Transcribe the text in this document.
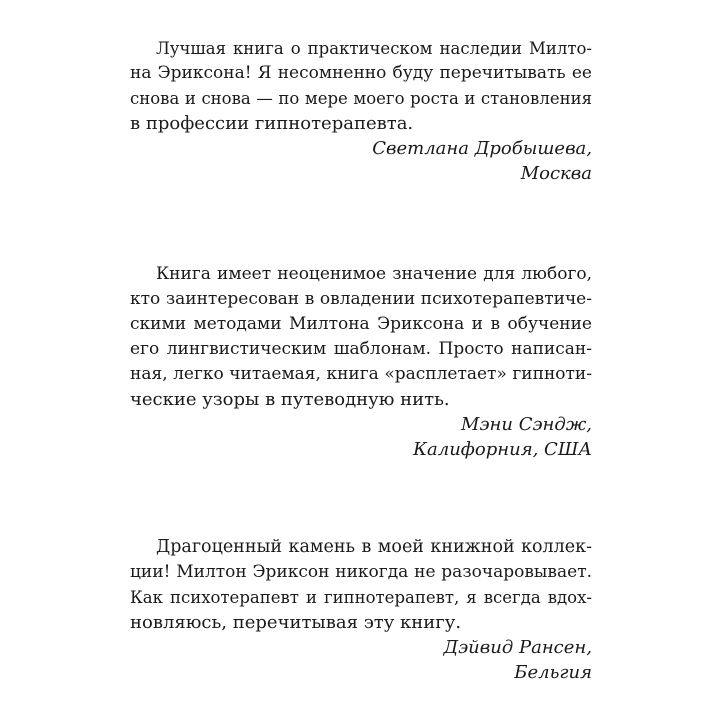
Лучшая книга о практическом наследии Милто-
на Эриксона! Я несомненно буду перечитывать ее
снова и снова — по мере моего роста и становления
в профессии гипнотерапевта.
Светлана Дробышева,
Москва
Книга имеет неоценимое значение для любого,
кто заинтересован в овладении психотерапевтиче-
скими методами Милтона Эриксона и в обучение
его лингвистическим шаблонам. Просто написан-
ная, легко читаемая, книга «расплетает» гипноти-
ческие узоры в путеводную нить.
Мэни Сэндж,
Калифорния, США
Драгоценный камень в моей книжной коллек-
ции! Милтон Эриксон никогда не разочаровывает.
Как психотерапевт и гипнотерапевт, я всегда вдох-
новляюсь, перечитывая эту книгу.
Дэйвид Рансен,
Бельгия
